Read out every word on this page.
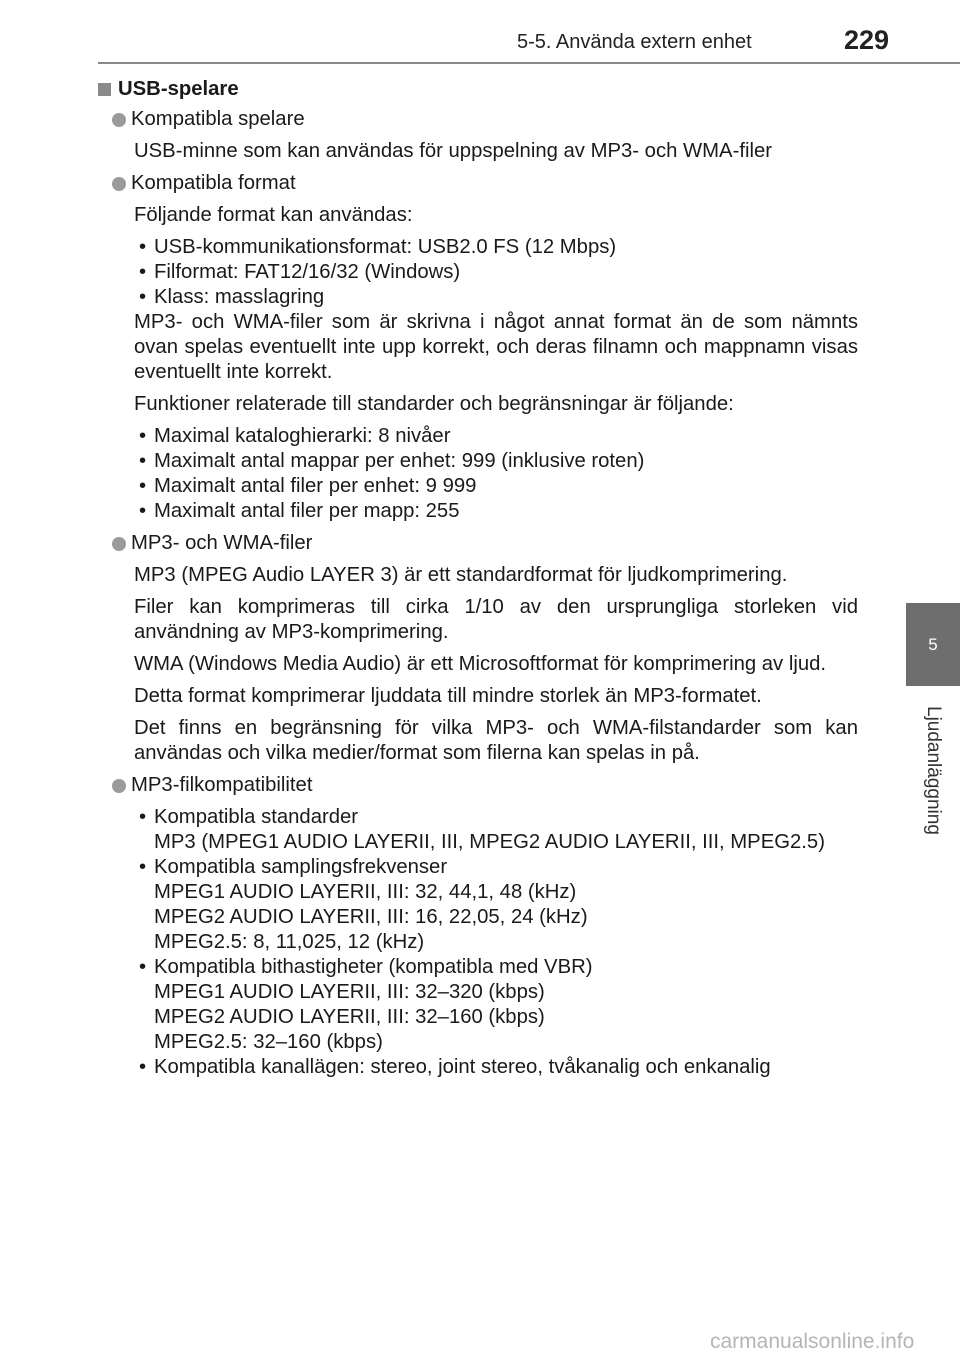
5-5. Använda extern enhet	229
5
Ljudanläggning
USB-spelare
Kompatibla spelare

USB-minne som kan användas för uppspelning av MP3- och WMA-filer

Kompatibla format

Följande format kan användas:

• USB-kommunikationsformat: USB2.0 FS (12 Mbps)
• Filformat: FAT12/16/32 (Windows)
• Klass: masslagring

MP3- och WMA-filer som är skrivna i något annat format än de som nämnts ovan spelas eventuellt inte upp korrekt, och deras filnamn och mappnamn visas eventuellt inte korrekt.

Funktioner relaterade till standarder och begränsningar är följande:

• Maximal kataloghierarki: 8 nivåer
• Maximalt antal mappar per enhet: 999 (inklusive roten)
• Maximalt antal filer per enhet: 9 999
• Maximalt antal filer per mapp: 255
MP3- och WMA-filer

MP3 (MPEG Audio LAYER 3) är ett standardformat för ljudkomprimering.

Filer kan komprimeras till cirka 1/10 av den ursprungliga storleken vid användning av MP3-komprimering.

WMA (Windows Media Audio) är ett Microsoftformat för komprimering av ljud.

Detta format komprimerar ljuddata till mindre storlek än MP3-formatet.

Det finns en begränsning för vilka MP3- och WMA-filstandarder som kan användas och vilka medier/format som filerna kan spelas in på.

MP3-filkompatibilitet
• Kompatibla standarder
MP3 (MPEG1 AUDIO LAYERII, III, MPEG2 AUDIO LAYERII, III, MPEG2.5)
• Kompatibla samplingsfrekvenser
MPEG1 AUDIO LAYERII, III: 32, 44,1, 48 (kHz)
MPEG2 AUDIO LAYERII, III: 16, 22,05, 24 (kHz)
MPEG2.5: 8, 11,025, 12 (kHz)
• Kompatibla bithastigheter (kompatibla med VBR)
MPEG1 AUDIO LAYERII, III: 32–320 (kbps)
MPEG2 AUDIO LAYERII, III: 32–160 (kbps)
MPEG2.5: 32–160 (kbps)
• Kompatibla kanallägen: stereo, joint stereo, tvåkanalig och enkanalig
carmanualsonline.info
